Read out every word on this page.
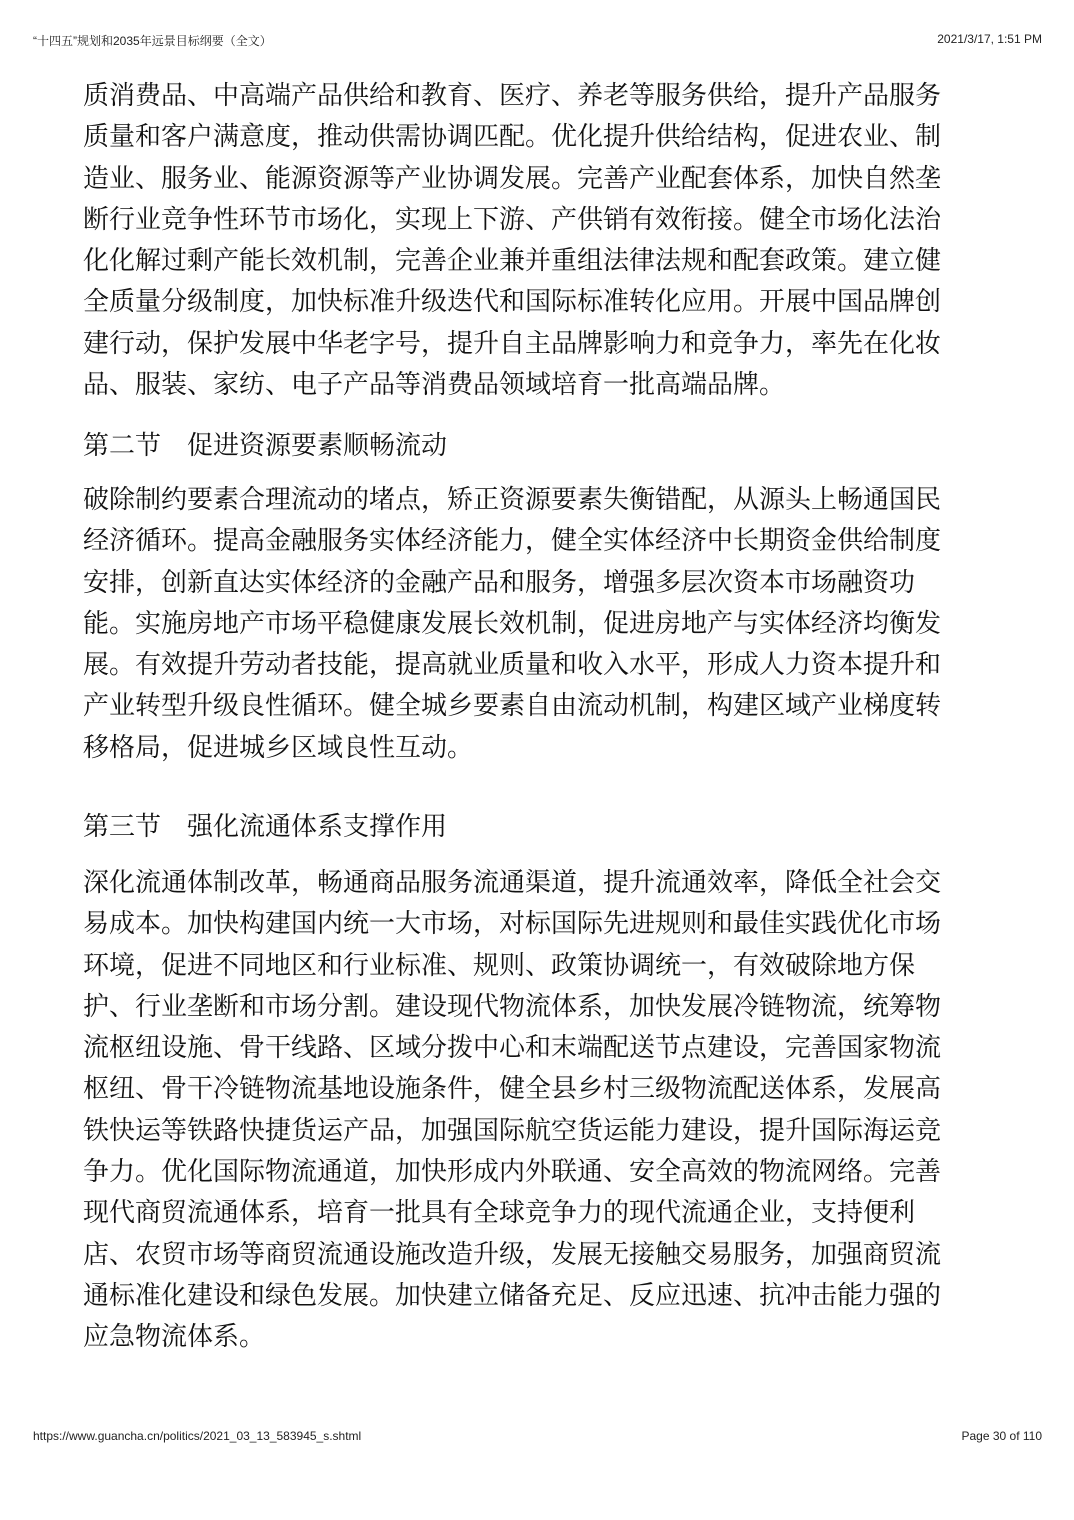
“十四五”规划和2035年远景目标纲要（全文）	2021/3/17, 1:51 PM
质消费品、中高端产品供给和教育、医疗、养老等服务供给，提升产品服务
质量和客户满意度，推动供需协调匹配。优化提升供给结构，促进农业、制
造业、服务业、能源资源等产业协调发展。完善产业配套体系，加快自然垄
断行业竞争性环节市场化，实现上下游、产供销有效衔接。健全市场化法治
化化解过剩产能长效机制，完善企业兼并重组法律法规和配套政策。建立健
全质量分级制度，加快标准升级迭代和国际标准转化应用。开展中国品牌创
建行动，保护发展中华老字号，提升自主品牌影响力和竞争力，率先在化妆
品、服装、家纺、电子产品等消费品领域培育一批高端品牌。
第二节　促进资源要素顺畅流动
破除制约要素合理流动的堵点，矫正资源要素失衡错配，从源头上畅通国民
经济循环。提高金融服务实体经济能力，健全实体经济中长期资金供给制度
安排，创新直达实体经济的金融产品和服务，增强多层次资本市场融资功
能。实施房地产市场平稳健康发展长效机制，促进房地产与实体经济均衡发
展。有效提升劳动者技能，提高就业质量和收入水平，形成人力资本提升和
产业转型升级良性循环。健全城乡要素自由流动机制，构建区域产业梯度转
移格局，促进城乡区域良性互动。
第三节　强化流通体系支撑作用
深化流通体制改革，畅通商品服务流通渠道，提升流通效率，降低全社会交
易成本。加快构建国内统一大市场，对标国际先进规则和最佳实践优化市场
环境，促进不同地区和行业标准、规则、政策协调统一，有效破除地方保
护、行业垄断和市场分割。建设现代物流体系，加快发展冷链物流，统筹物
流枢纽设施、骨干线路、区域分拨中心和末端配送节点建设，完善国家物流
枢纽、骨干冷链物流基地设施条件，健全县乡村三级物流配送体系，发展高
铁快运等铁路快捷货运产品，加强国际航空货运能力建设，提升国际海运竞
争力。优化国际物流通道，加快形成内外联通、安全高效的物流网络。完善
现代商贸流通体系，培育一批具有全球竞争力的现代流通企业，支持便利
店、农贸市场等商贸流通设施改造升级，发展无接触交易服务，加强商贸流
通标准化建设和绿色发展。加快建立储备充足、反应迅速、抗冲击能力强的
应急物流体系。
https://www.guancha.cn/politics/2021_03_13_583945_s.shtml	Page 30 of 110
